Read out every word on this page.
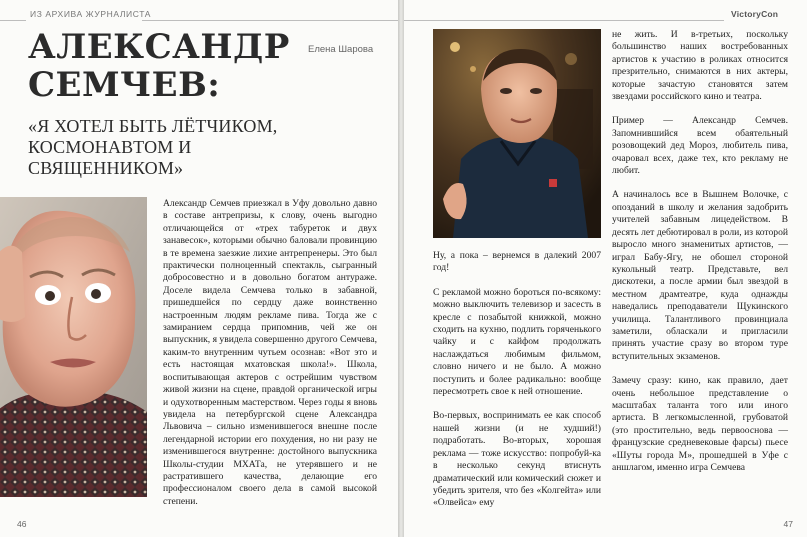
ИЗ АРХИВА ЖУРНАЛИСТА
АЛЕКСАНДР
СЕМЧЕВ:
Елена Шарова
«Я ХОТЕЛ БЫТЬ ЛЁТЧИКОМ, КОСМОНАВТОМ И СВЯЩЕННИКОМ»

Александр Семчев приезжал в Уфу довольно давно в составе антрепризы, к слову, очень выгодно отличающейся от «трех табуреток и двух занавесок», которыми обычно баловали провинцию в те времена заезжие лихие антрепренеры. Это был практически полноценный спектакль, сыгранный добросовестно и в довольно богатом антураже. Доселе видела Семчева только в забавной, пришедшейся по сердцу даже воинственно настроенным людям рекламе пива. Тогда же с замиранием сердца припомнив, чей же он выпускник, я увидела совершенно другого Семчева, каким-то внутренним чутьем осознав: «Вот это и есть настоящая мхатовская школа!». Школа, воспитывающая актеров с острейшим чувством живой жизни на сцене, правдой органической игры и одухотворенным мастерством. Через годы я вновь увидела на петербургской сцене Александра Львовича – сильно изменившегося внешне после легендарной истории его похудения, но ни разу не изменившегося внутренне: достойного выпускника Школы-студии МХАТа, не утерявшего и не растратившего качества, делающие его профессионалом своего дела в самой высокой степени.

46
VictoryCon

Ну, а пока – вернемся в далекий 2007 год!

С рекламой можно бороться по-всякому: можно выключить телевизор и засесть в кресле с позабытой книжкой, можно сходить на кухню, подлить горяченького чайку и с кайфом продолжать наслаждаться любимым фильмом, словно ничего и не было. А можно поступить и более радикально: вообще пересмотреть свое к ней отношение.

Во-первых, воспринимать ее как способ нашей жизни (и не худший!) подработать. Во-вторых, хорошая реклама — тоже искусство: попробуй-ка в несколько секунд втиснуть драматический или комический сюжет и убедить зрителя, что без «Колгейта» или «Олвейса» ему

не жить. И в-третьих, поскольку большинство наших востребованных артистов к участию в роликах относится презрительно, снимаются в них актеры, которые зачастую становятся затем звездами российского кино и театра.

Пример — Александр Семчев. Запомнившийся всем обаятельный розовощекий дед Мороз, любитель пива, очаровал всех, даже тех, кто рекламу не любит.

А начиналось все в Вышнем Волочке, с опозданий в школу и желания задобрить учителей забавным лицедейством. В десять лет дебютировал в роли, из которой выросло много знаменитых артистов, — играл Бабу-Ягу, не обошел стороной кукольный театр. Представьте, вел дискотеки, а после армии был звездой в местном драмтеатре, куда однажды наведались преподаватели Щукинского училища. Талантливого провинциала заметили, обласкали и пригласили принять участие сразу во втором туре вступительных экзаменов.

Замечу сразу: кино, как правило, дает очень небольшое представление о масштабах таланта того или иного артиста. В легкомысленной, грубоватой (это простительно, ведь первоосновa — французские средневековые фарсы) пьесе «Шуты города М», прошедшей в Уфе с аншлагом, именно игра Семчева

47
